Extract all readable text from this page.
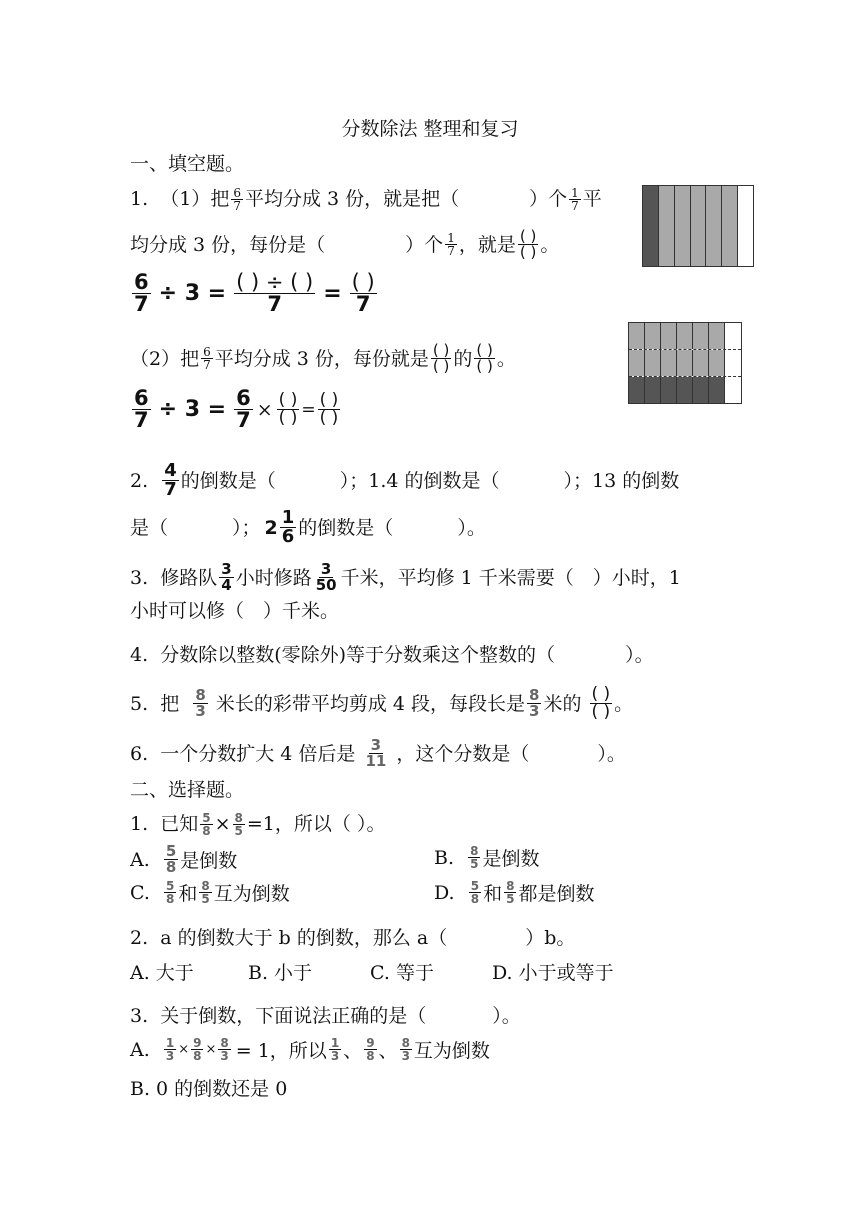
分数除法 整理和复习
一、填空题。
1.
（1）把 $\frac{6}{7}$ 平均分成 3 份，就是把（	）个 $\frac{1}{7}$ 平
均分成 3 份，每份是（	）个 $\frac{1}{7}$ ，就是 $\frac{( )}{( )}$ 。
$\frac{6}{7} \div 3 = \frac{( ) \div ( )}{7} = \frac{( )}{7}$
（2）把 $\frac{6}{7}$ 平均分成 3 份，每份就是 $\frac{( )}{( )}$ 的 $\frac{( )}{( )}$ 。
$\frac{6}{7} \div 3 = \frac{6}{7} \times \frac{( )}{( )} = \frac{( )}{( )}$
2.
$\frac{4}{7}$ 的倒数是（	）；1.4 的倒数是（	）；13 的倒数
是（	）； $2 \frac{1}{6}$ 的倒数是（	）。
3.
修路队 $\frac{3}{4}$ 小时修路 $\frac{3}{50}$ 千米，平均修 1 千米需要（　）小时，1
小时可以修（　）千米。
4.
分数除以整数(零除外)等于分数乘这个整数的（	）。
5.
把
$\frac{8}{3}$
米长的彩带平均剪成 4 段，每段长是 $\frac{8}{3}$ 米的
$\frac{( )}{( )}$ 。
6.
一个分数扩大 4 倍后是
$\frac{3}{11}$
，这个分数是（	）。
二、选择题。
1.
已知 $\frac{5}{8} \times \frac{8}{5} =1$，所以（ ）。
A.
$\frac{5}{8}$ 是倒数	B.
$\frac{8}{5}$ 是倒数
C.
$\frac{5}{8}$ 和 $\frac{8}{5}$ 互为倒数	D.
$\frac{5}{8}$ 和 $\frac{8}{5}$ 都是倒数
2.
a 的倒数大于 b 的倒数，那么 a（	）b。
A. 大于	B. 小于	C. 等于	D. 小于或等于
3.
关于倒数，下面说法正确的是（	）。
A.
$\frac{1}{3} \times \frac{9}{8} \times \frac{8}{3} = 1$，所以 $\frac{1}{3}$ 、 $\frac{9}{8}$ 、 $\frac{8}{3}$ 互为倒数
B. 0 的倒数还是 0
